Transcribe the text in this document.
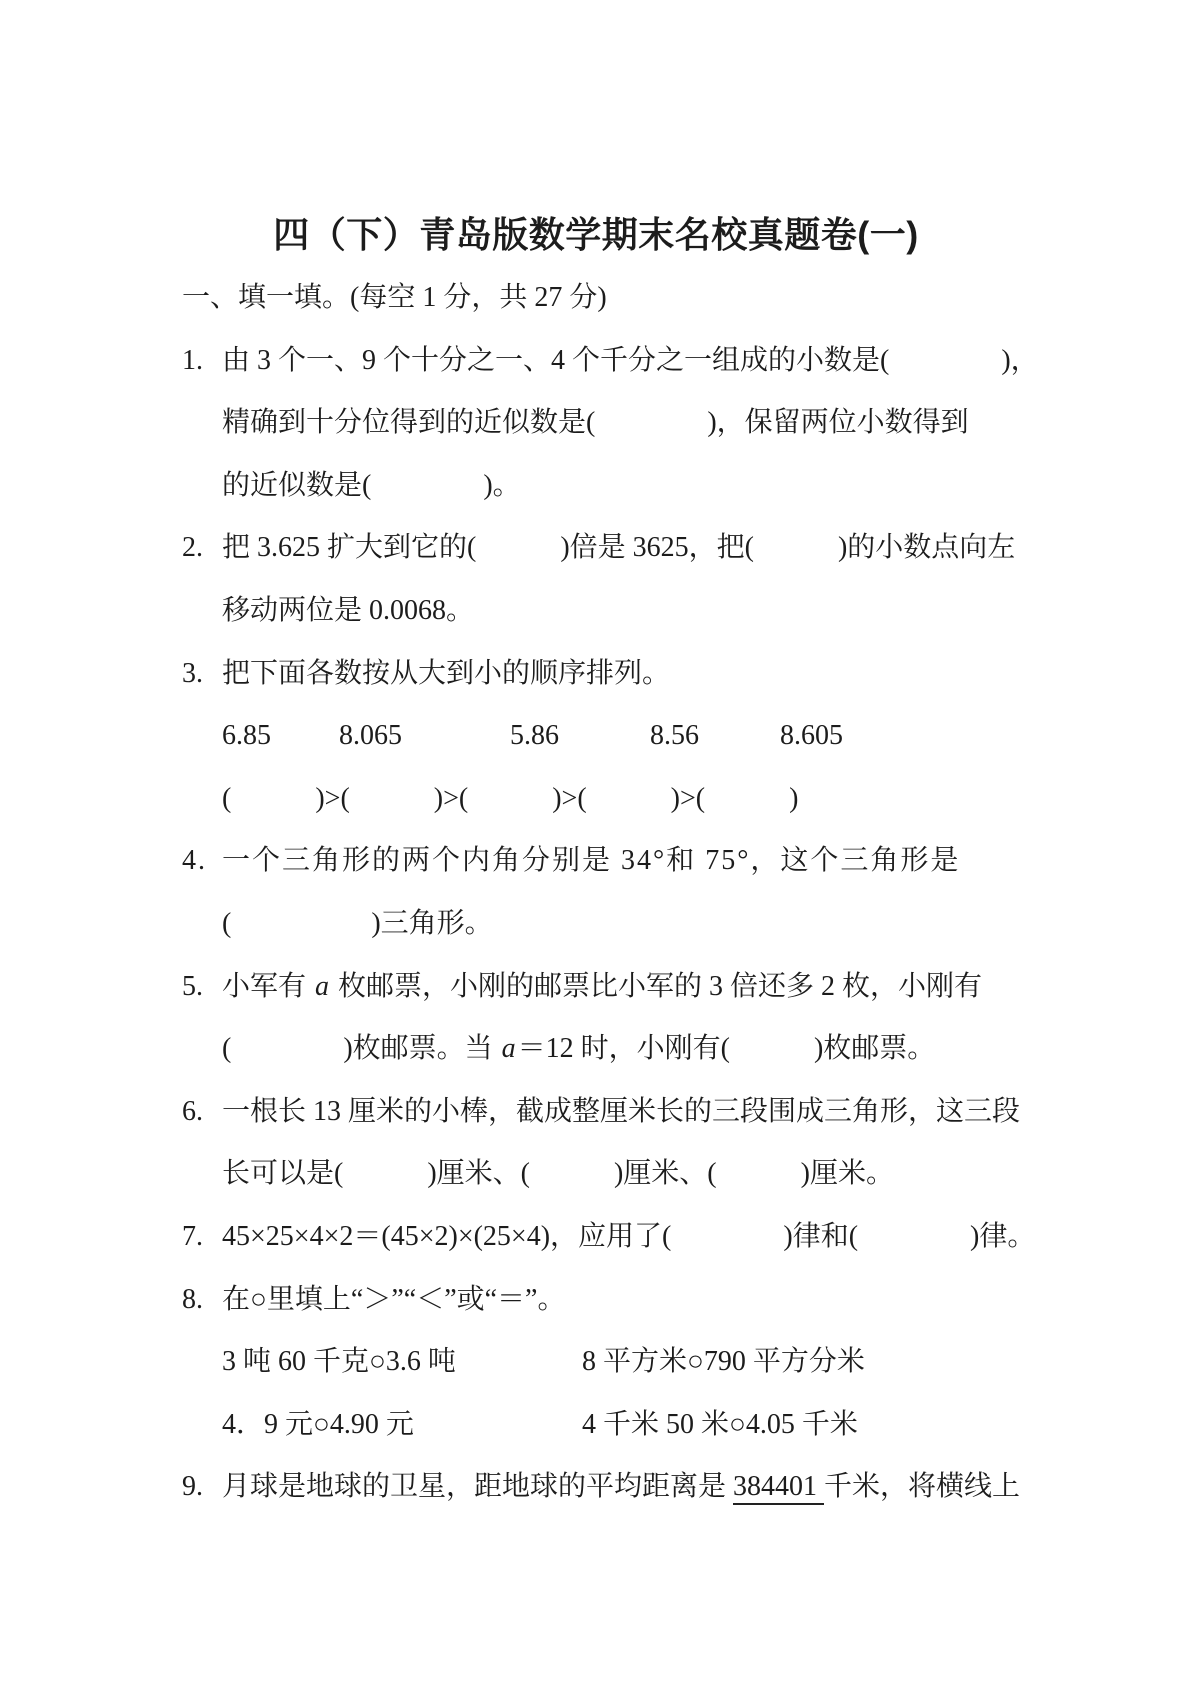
四（下）青岛版数学期末名校真题卷(一)
一、填一填。(每空 1 分，共 27 分)
1. 由 3 个一、9 个十分之一、4 个千分之一组成的小数是(　　　　)，
精确到十分位得到的近似数是(　　　　)，保留两位小数得到
的近似数是(　　　　)。
2. 把 3.625 扩大到它的(　　　)倍是 3625，把(　　　)的小数点向左
移动两位是 0.0068。
3. 把下面各数按从大到小的顺序排列。
6.85 8.065	5.86	8.56	8.605
(　　　)>(　　　)>(　　　)>(　　　)>(　　　)
4. 一个三角形的两个内角分别是 34°和 75°，这个三角形是
(　　　　　)三角形。
5. 小军有 a 枚邮票，小刚的邮票比小军的 3 倍还多 2 枚，小刚有
(　　　　)枚邮票。当 a＝12 时，小刚有(　　　)枚邮票。
6. 一根长 13 厘米的小棒，截成整厘米长的三段围成三角形，这三段
长可以是(　　　)厘米、(　　　)厘米、(　　　)厘米。
7. 45×25×4×2＝(45×2)×(25×4)，应用了(　　　　)律和(　　　　)律。
8. 在○里填上“＞”“＜”或“＝”。
3 吨 60 千克○3.6 吨	8 平方米○790 平方分米
4．9 元○4.90 元	4 千米 50 米○4.05 千米
9. 月球是地球的卫星，距地球的平均距离是 384401 千米，将横线上
